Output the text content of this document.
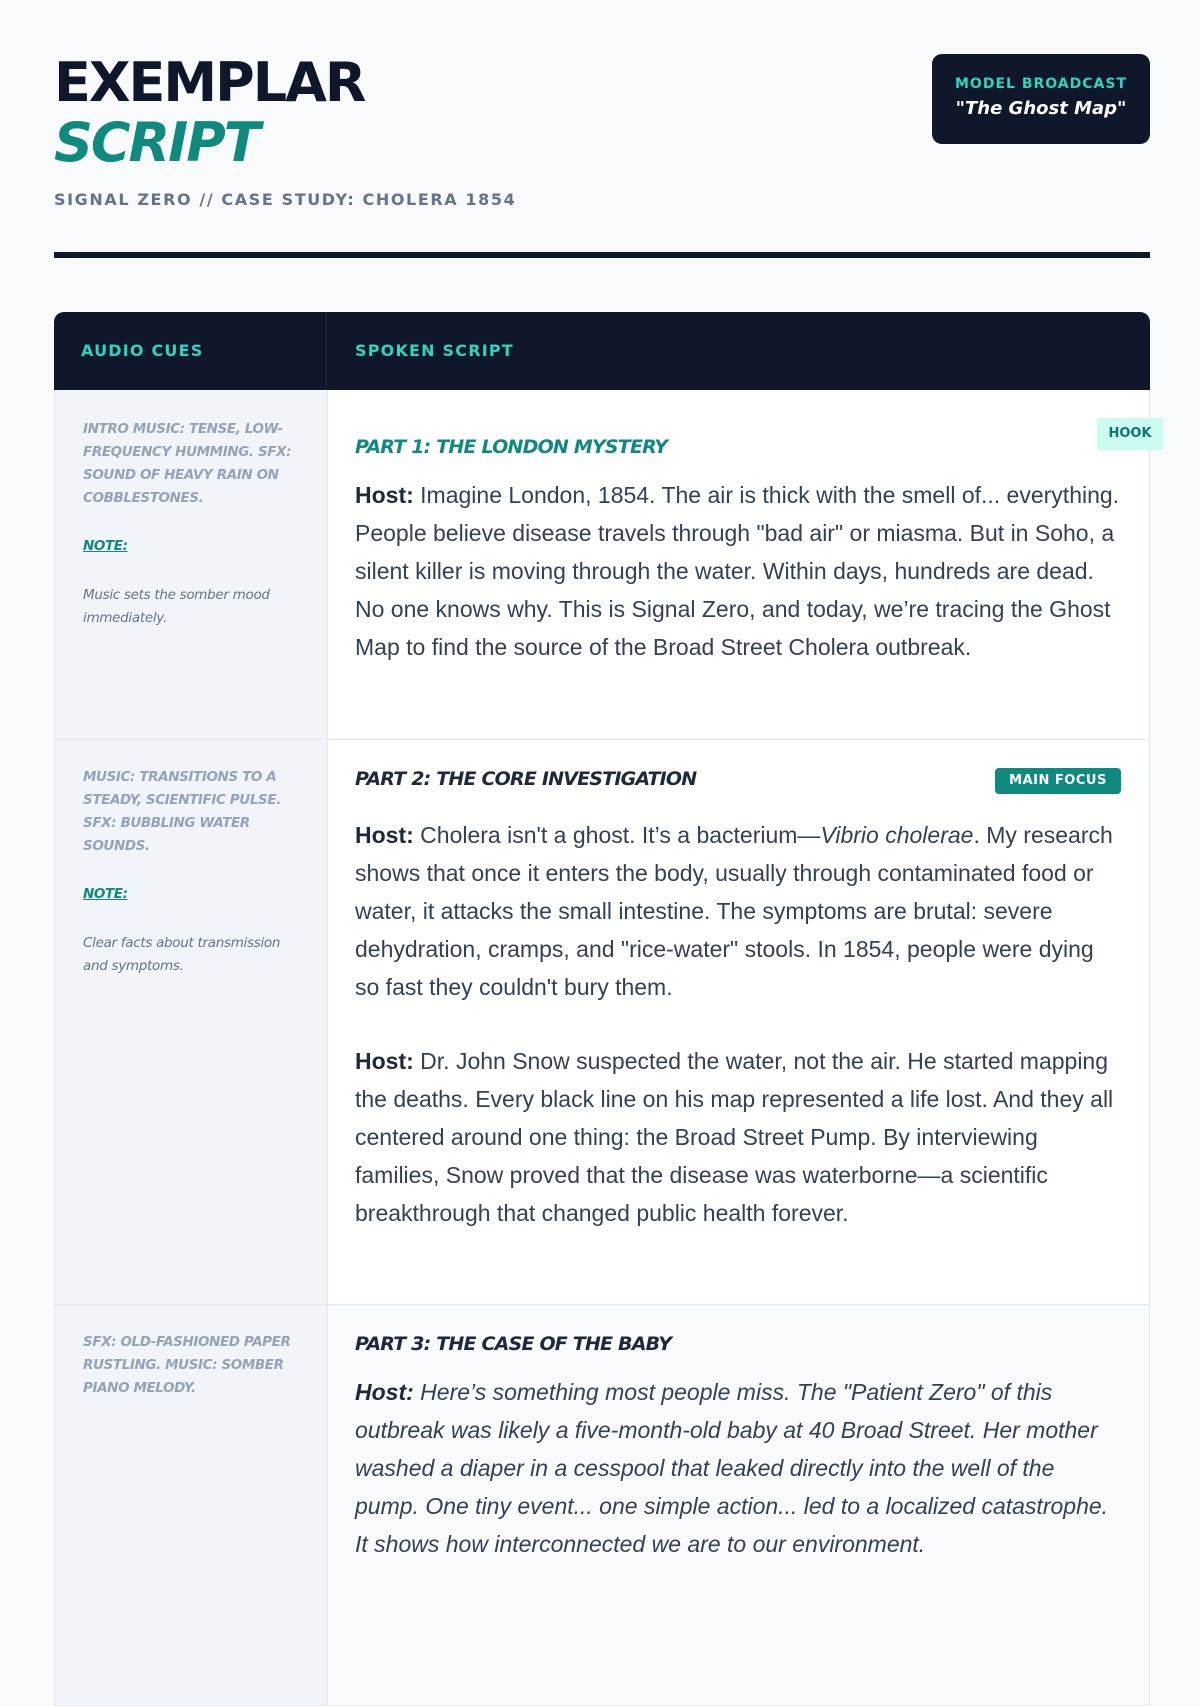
EXEMPLAR
SCRIPT
SIGNAL ZERO // CASE STUDY: CHOLERA 1854
MODEL BROADCAST
"The Ghost Map"
AUDIO CUES	SPOKEN SCRIPT
INTRO MUSIC: TENSE, LOW-FREQUENCY HUMMING. SFX: SOUND OF HEAVY RAIN ON COBBLESTONES.
NOTE:
Music sets the somber mood immediately.
HOOK
PART 1: THE LONDON MYSTERY
Host: Imagine London, 1854. The air is thick with the smell of... everything. People believe disease travels through "bad air" or miasma. But in Soho, a silent killer is moving through the water. Within days, hundreds are dead. No one knows why. This is Signal Zero, and today, we’re tracing the Ghost Map to find the source of the Broad Street Cholera outbreak.
MUSIC: TRANSITIONS TO A STEADY, SCIENTIFIC PULSE. SFX: BUBBLING WATER SOUNDS.
NOTE:
Clear facts about transmission and symptoms.
MAIN FOCUS
PART 2: THE CORE INVESTIGATION
Host: Cholera isn't a ghost. It’s a bacterium—Vibrio cholerae. My research shows that once it enters the body, usually through contaminated food or water, it attacks the small intestine. The symptoms are brutal: severe dehydration, cramps, and "rice-water" stools. In 1854, people were dying so fast they couldn't bury them.
Host: Dr. John Snow suspected the water, not the air. He started mapping the deaths. Every black line on his map represented a life lost. And they all centered around one thing: the Broad Street Pump. By interviewing families, Snow proved that the disease was waterborne—a scientific breakthrough that changed public health forever.
SFX: OLD-FASHIONED PAPER RUSTLING. MUSIC: SOMBER PIANO MELODY.
PART 3: THE CASE OF THE BABY
Host: Here’s something most people miss. The "Patient Zero" of this outbreak was likely a five-month-old baby at 40 Broad Street. Her mother washed a diaper in a cesspool that leaked directly into the well of the pump. One tiny event... one simple action... led to a localized catastrophe. It shows how interconnected we are to our environment.
